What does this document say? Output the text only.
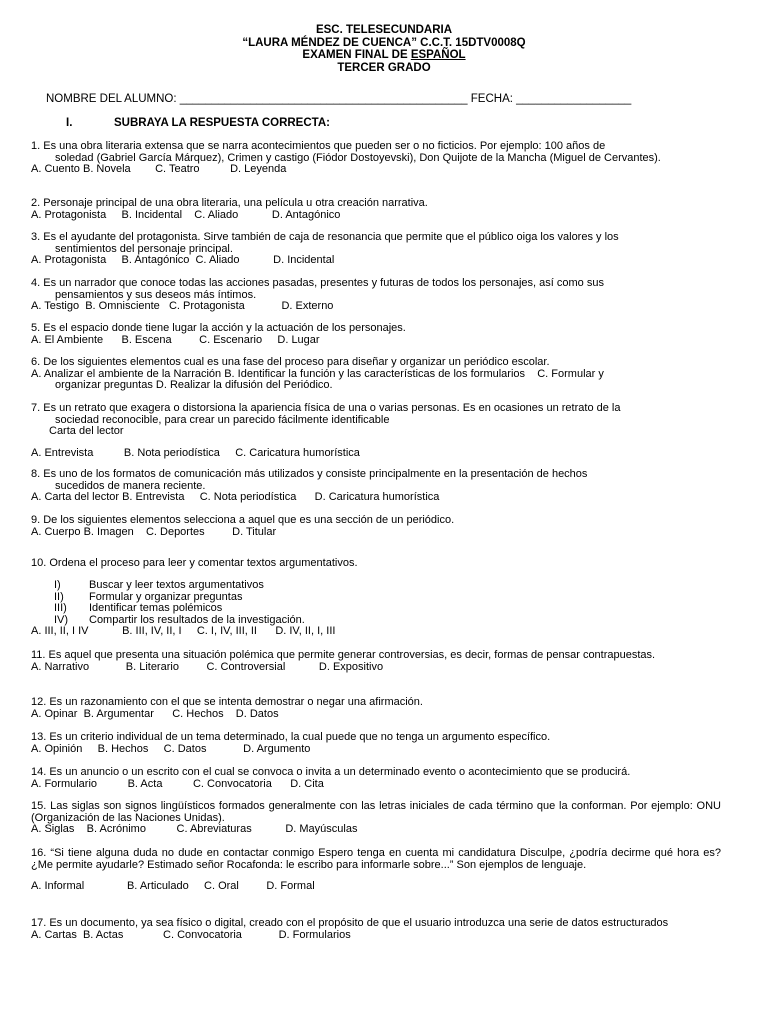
ESC. TELESECUNDARIA
“LAURA MÉNDEZ DE CUENCA” C.C.T. 15DTV0008Q
EXAMEN FINAL DE ESPAÑOL
TERCER GRADO
NOMBRE DEL ALUMNO: _____________________________________________ FECHA: __________________
I.	SUBRAYA LA RESPUESTA CORRECTA:
1. Es una obra literaria extensa que se narra acontecimientos que pueden ser o no ficticios. Por ejemplo: 100 años de
soledad (Gabriel García Márquez), Crimen y castigo (Fiódor Dostoyevski), Don Quijote de la Mancha (Miguel de Cervantes).
A. Cuento B. Novela        C. Teatro          D. Leyenda
2. Personaje principal de una obra literaria, una película u otra creación narrativa.
A. Protagonista     B. Incidental    C. Aliado           D. Antagónico
3. Es el ayudante del protagonista. Sirve también de caja de resonancia que permite que el público oiga los valores y los
sentimientos del personaje principal.
A. Protagonista     B. Antagónico  C. Aliado           D. Incidental
4. Es un narrador que conoce todas las acciones pasadas, presentes y futuras de todos los personajes, así como sus
pensamientos y sus deseos más íntimos.
A. Testigo  B. Omnisciente   C. Protagonista            D. Externo
5. Es el espacio donde tiene lugar la acción y la actuación de los personajes.
A. El Ambiente      B. Escena         C. Escenario     D. Lugar
6. De los siguientes elementos cual es una fase del proceso para diseñar y organizar un periódico escolar.
A. Analizar el ambiente de la Narración B. Identificar la función y las características de los formularios    C. Formular y
organizar preguntas D. Realizar la difusión del Periódico.
7. Es un retrato que exagera o distorsiona la apariencia física de una o varias personas. Es en ocasiones un retrato de la
sociedad reconocible, para crear un parecido fácilmente identificable
Carta del lector
A. Entrevista          B. Nota periodística     C. Caricatura humorística
8. Es uno de los formatos de comunicación más utilizados y consiste principalmente en la presentación de hechos
sucedidos de manera reciente.
A. Carta del lector B. Entrevista     C. Nota periodística      D. Caricatura humorística
9. De los siguientes elementos selecciona a aquel que es una sección de un periódico.
A. Cuerpo B. Imagen    C. Deportes         D. Titular
10. Ordena el proceso para leer y comentar textos argumentativos.
I)	Buscar y leer textos argumentativos
II) Formular y organizar preguntas
III) Identificar temas polémicos
IV) Compartir los resultados de la investigación.
A. III, II, I IV           B. III, IV, II, I     C. I, IV, III, II      D. IV, II, I, III
11. Es aquel que presenta una situación polémica que permite generar controversias, es decir, formas de pensar contrapuestas.
A. Narrativo            B. Literario         C. Controversial           D. Expositivo
12. Es un razonamiento con el que se intenta demostrar o negar una afirmación.
A. Opinar  B. Argumentar      C. Hechos    D. Datos
13. Es un criterio individual de un tema determinado, la cual puede que no tenga un argumento específico.
A. Opinión     B. Hechos     C. Datos            D. Argumento
14. Es un anuncio o un escrito con el cual se convoca o invita a un determinado evento o acontecimiento que se producirá.
A. Formulario          B. Acta          C. Convocatoria      D. Cita
15. Las siglas son signos lingüísticos formados generalmente con las letras iniciales de cada término que la conforman. Por ejemplo: ONU (Organización de las Naciones Unidas).
A. Siglas    B. Acrónimo          C. Abreviaturas           D. Mayúsculas
16. “Si tiene alguna duda no dude en contactar conmigo Espero tenga en cuenta mi candidatura Disculpe, ¿podría decirme qué hora es? ¿Me permite ayudarle? Estimado señor Rocafonda: le escribo para informarle sobre...” Son ejemplos de lenguaje.
A. Informal              B. Articulado     C. Oral         D. Formal
17. Es un documento, ya sea físico o digital, creado con el propósito de que el usuario introduzca una serie de datos estructurados
A. Cartas  B. Actas             C. Convocatoria            D. Formularios
